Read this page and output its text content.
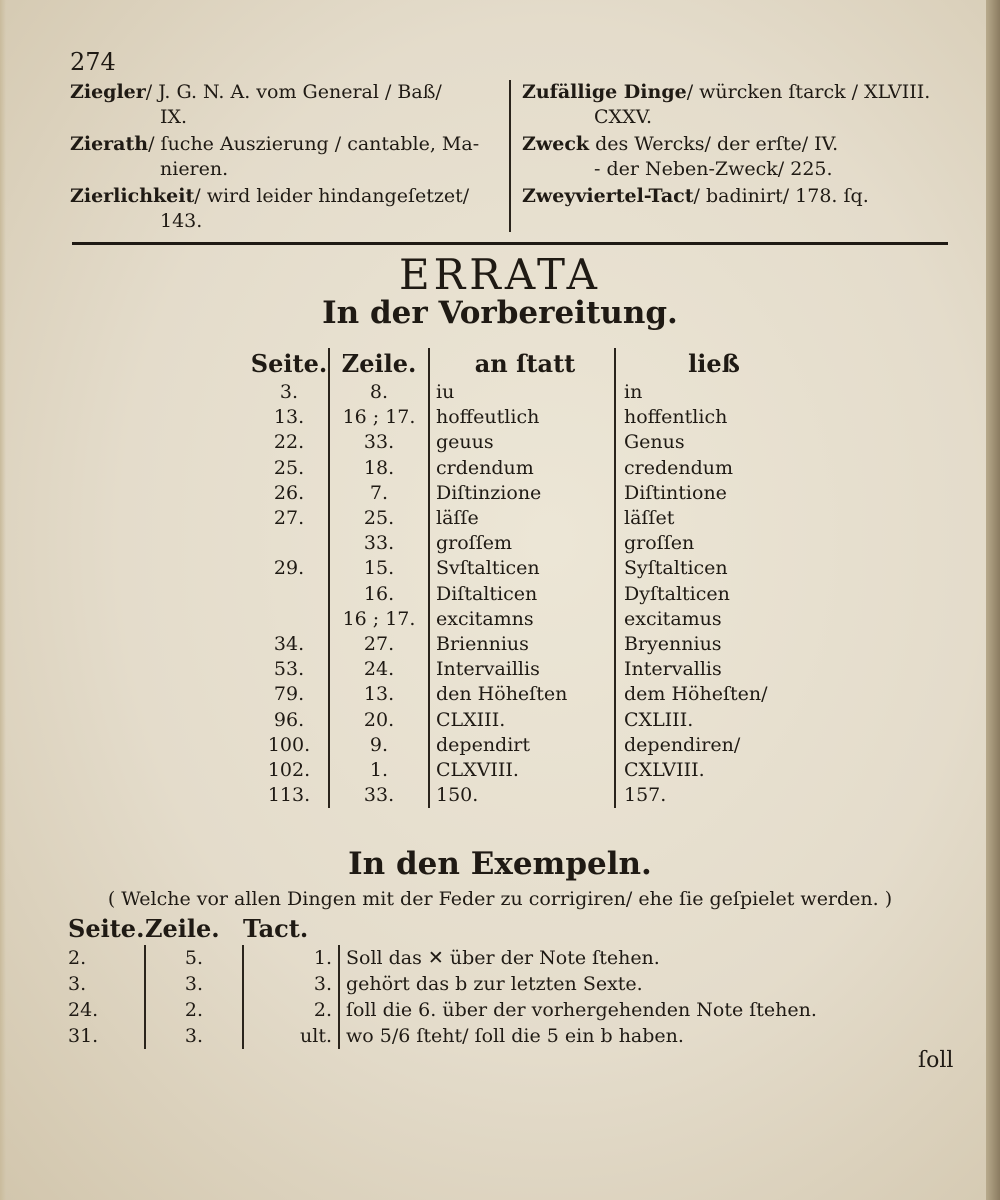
274
Ziegler/ J. G. N. A. vom General / Baß/
IX.
Zierath/ ſuche Auszierung / cantable, Ma-
nieren.
Zierlichkeit/ wird leider hindangeſetzet/
143.
Zufällige Dinge/ würcken ſtarck / XLVIII.
CXXV.
Zweck des Wercks/ der erſte/ IV.
- der Neben-Zweck/ 225.
Zweyviertel-Tact/ badinirt/ 178. ſq.
ERRATA
In der Vorbereitung.
Seite.	Zeile.	an ſtatt	ließ
3.	8.	iu	in
13.	16 ; 17.	hoffeutlich	hoffentlich
22.	33.	geuus	Genus
25.	18.	crdendum	credendum
26.	7.	Diſtinzione	Diſtintione
27.	25.	läſſe	läſſet
	33.	groſſem	groſſen
29.	15.	Svſtalticen	Syſtalticen
	16.	Diſtalticen	Dyſtalticen
	16 ; 17.	excitamns	excitamus
34.	27.	Briennius	Bryennius
53.	24.	Intervaillis	Intervallis
79.	13.	den Höheſten	dem Höheſten/
96.	20.	CLXIII.	CXLIII.
100.	9.	dependirt	dependiren/
102.	1.	CLXVIII.	CXLVIII.
113.	33.	150.	157.
In den Exempeln.
( Welche vor allen Dingen mit der Feder zu corrigiren/ ehe ſie geſpielet werden. )
Seite.	Zeile.	Tact.	
2.	5.	1.	Soll das ✕ über der Note ſtehen.
3.	3.	3.	gehört das b zur letzten Sexte.
24.	2.	2.	ſoll die 6. über der vorhergehenden Note ſtehen.
31.	3.	ult.	wo 5/6 ſteht/ ſoll die 5 ein b haben.
ſoll
